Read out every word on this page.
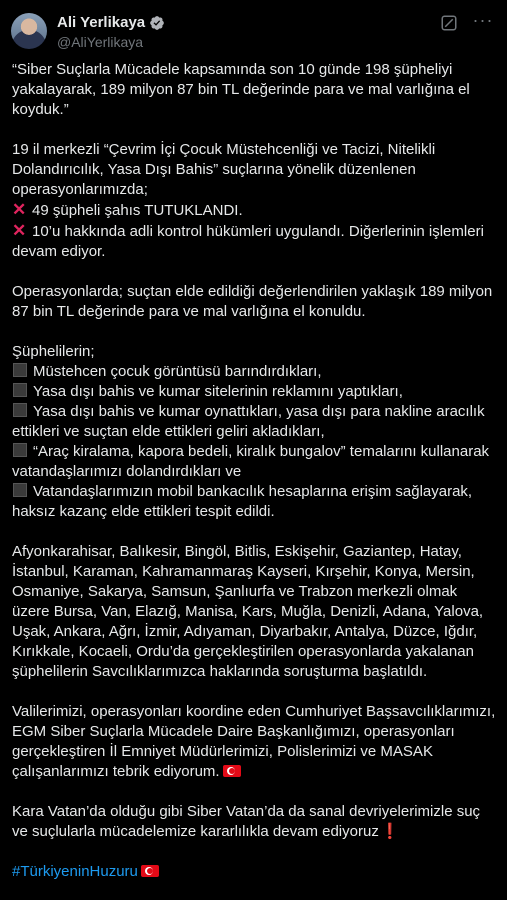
Ali Yerlikaya
@AliYerlikaya
···

“Siber Suçlarla Mücadele kapsamında son 10 günde 198 şüpheliyi yakalayarak, 189 milyon 87 bin TL değerinde para ve mal varlığına el koyduk.”

19 il merkezli “Çevrim İçi Çocuk Müstehcenliği ve Tacizi, Nitelikli Dolandırıcılık, Yasa Dışı Bahis” suçlarına yönelik düzenlenen operasyonlarımızda;

✕ 49 şüpheli şahıs TUTUKLANDI.

✕ 10’u hakkında adli kontrol hükümleri uygulandı. Diğerlerinin işlemleri devam ediyor.

Operasyonlarda; suçtan elde edildiği değerlendirilen yaklaşık 189 milyon 87 bin TL değerinde para ve mal varlığına el konuldu.

Şüphelilerin;

Müstehcen çocuk görüntüsü barındırdıkları,

Yasa dışı bahis ve kumar sitelerinin reklamını yaptıkları,

Yasa dışı bahis ve kumar oynattıkları, yasa dışı para nakline aracılık ettikleri ve suçtan elde ettikleri geliri akladıkları,

“Araç kiralama, kapora bedeli, kiralık bungalov” temalarını kullanarak vatandaşlarımızı dolandırdıkları ve

Vatandaşlarımızın mobil bankacılık hesaplarına erişim sağlayarak, haksız kazanç elde ettikleri tespit edildi.

Afyonkarahisar, Balıkesir, Bingöl, Bitlis, Eskişehir, Gaziantep, Hatay, İstanbul, Karaman, Kahramanmaraş Kayseri, Kırşehir, Konya, Mersin, Osmaniye, Sakarya, Samsun, Şanlıurfa ve Trabzon merkezli olmak üzere Bursa, Van, Elazığ, Manisa, Kars, Muğla, Denizli, Adana, Yalova, Uşak, Ankara, Ağrı, İzmir, Adıyaman, Diyarbakır, Antalya, Düzce, Iğdır, Kırıkkale, Kocaeli, Ordu’da gerçekleştirilen operasyonlarda yakalanan şüphelilerin Savcılıklarımızca haklarında soruşturma başlatıldı.

Valilerimizi, operasyonları koordine eden Cumhuriyet Başsavcılıklarımızı, EGM Siber Suçlarla Mücadele Daire Başkanlığımızı, operasyonları gerçekleştiren İl Emniyet Müdürlerimizi, Polislerimizi ve MASAK çalışanlarımızı tebrik ediyorum.

Kara Vatan’da olduğu gibi Siber Vatan’da da sanal devriyelerimizle suç ve suçlularla mücadelemize kararlılıkla devam ediyoruz ❗

#TürkiyeninHuzuru
